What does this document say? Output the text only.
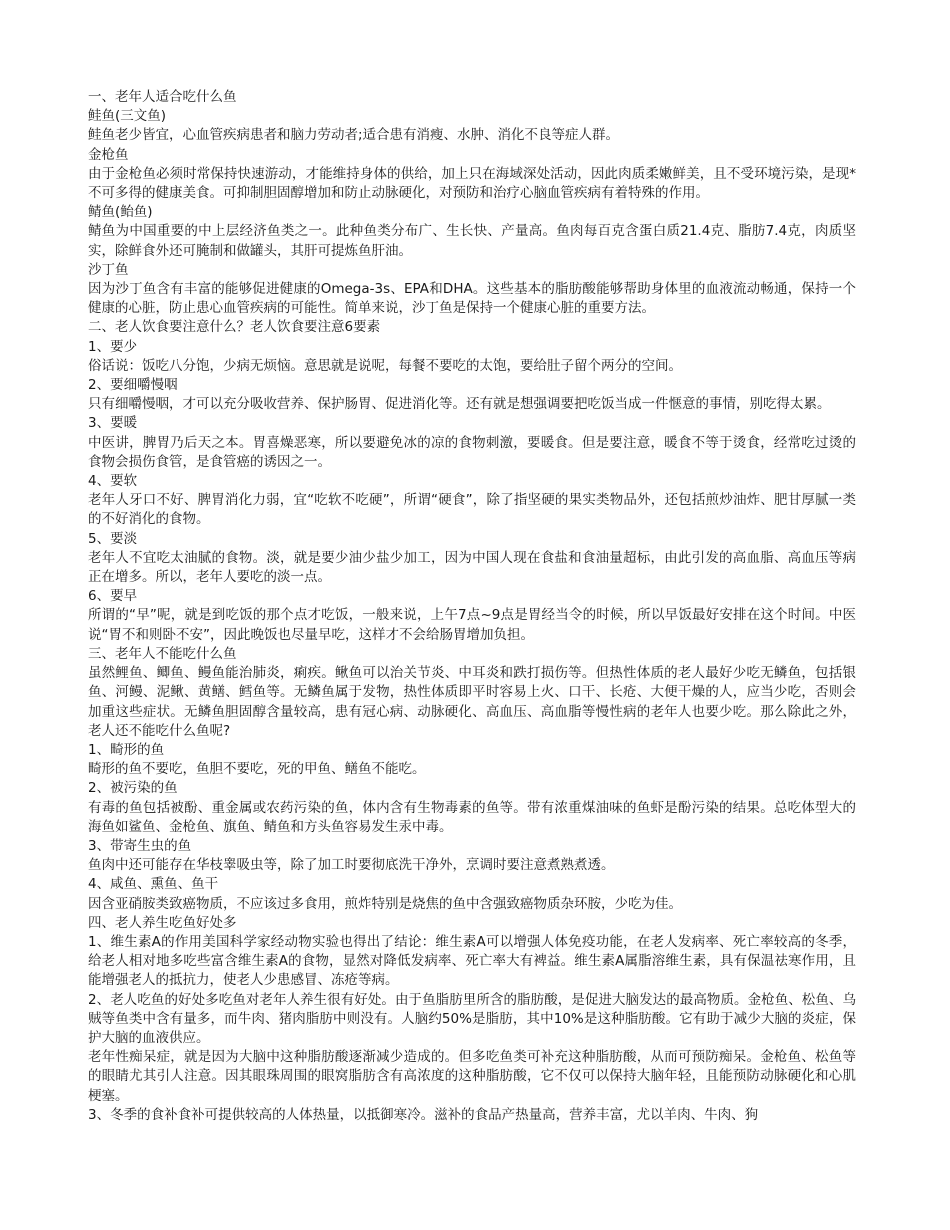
一、老年人适合吃什么鱼

鲑鱼(三文鱼)

鲑鱼老少皆宜，心血管疾病患者和脑力劳动者;适合患有消瘦、水肿、消化不良等症人群。

金枪鱼

由于金枪鱼必须时常保持快速游动，才能维持身体的供给，加上只在海域深处活动，因此肉质柔嫩鲜美，且不受环境污染，是现*不可多得的健康美食。可抑制胆固醇增加和防止动脉硬化，对预防和治疗心脑血管疾病有着特殊的作用。

鲭鱼(鲐鱼)

鲭鱼为中国重要的中上层经济鱼类之一。此种鱼类分布广、生长快、产量高。鱼肉每百克含蛋白质21.4克、脂肪7.4克，肉质坚实，除鲜食外还可腌制和做罐头，其肝可提炼鱼肝油。

沙丁鱼

因为沙丁鱼含有丰富的能够促进健康的Omega-3s、EPA和DHA。这些基本的脂肪酸能够帮助身体里的血液流动畅通，保持一个健康的心脏，防止患心血管疾病的可能性。简单来说，沙丁鱼是保持一个健康心脏的重要方法。

二、老人饮食要注意什么？老人饮食要注意6要素

1、要少

俗话说：饭吃八分饱，少病无烦恼。意思就是说呢，每餐不要吃的太饱，要给肚子留个两分的空间。

2、要细嚼慢咽

只有细嚼慢咽，才可以充分吸收营养、保护肠胃、促进消化等。还有就是想强调要把吃饭当成一件惬意的事情，别吃得太累。

3、要暖

中医讲，脾胃乃后天之本。胃喜燥恶寒，所以要避免冰的凉的食物刺激，要暖食。但是要注意，暖食不等于烫食，经常吃过烫的食物会损伤食管，是食管癌的诱因之一。

4、要软

老年人牙口不好、脾胃消化力弱，宜“吃软不吃硬”，所谓“硬食”，除了指坚硬的果实类物品外，还包括煎炒油炸、肥甘厚腻一类的不好消化的食物。

5、要淡

老年人不宜吃太油腻的食物。淡，就是要少油少盐少加工，因为中国人现在食盐和食油量超标，由此引发的高血脂、高血压等病正在增多。所以，老年人要吃的淡一点。

6、要早

所谓的“早”呢，就是到吃饭的那个点才吃饭，一般来说，上午7点~9点是胃经当令的时候，所以早饭最好安排在这个时间。中医说“胃不和则卧不安”，因此晚饭也尽量早吃，这样才不会给肠胃增加负担。

三、老年人不能吃什么鱼

虽然鲤鱼、鲫鱼、鳗鱼能治肺炎，痢疾。鳅鱼可以治关节炎、中耳炎和跌打损伤等。但热性体质的老人最好少吃无鳞鱼，包括银鱼、河鳗、泥鳅、黄鳝、鳕鱼等。无鳞鱼属于发物，热性体质即平时容易上火、口干、长疮、大便干燥的人，应当少吃，否则会加重这些症状。无鳞鱼胆固醇含量较高，患有冠心病、动脉硬化、高血压、高血脂等慢性病的老年人也要少吃。那么除此之外，老人还不能吃什么鱼呢?

1、畸形的鱼

畸形的鱼不要吃，鱼胆不要吃，死的甲鱼、鳝鱼不能吃。

2、被污染的鱼

有毒的鱼包括被酚、重金属或农药污染的鱼，体内含有生物毒素的鱼等。带有浓重煤油味的鱼虾是酚污染的结果。总吃体型大的海鱼如鲨鱼、金枪鱼、旗鱼、鲭鱼和方头鱼容易发生汞中毒。

3、带寄生虫的鱼

鱼肉中还可能存在华枝睾吸虫等，除了加工时要彻底洗干净外，烹调时要注意煮熟煮透。

4、咸鱼、熏鱼、鱼干

因含亚硝胺类致癌物质，不应该过多食用，煎炸特别是烧焦的鱼中含强致癌物质杂环胺，少吃为佳。

四、老人养生吃鱼好处多

1、维生素A的作用美国科学家经动物实验也得出了结论：维生素A可以增强人体免疫功能，在老人发病率、死亡率较高的冬季，给老人相对地多吃些富含维生素A的食物，显然对降低发病率、死亡率大有裨益。维生素A属脂溶维生素，具有保温祛寒作用，且能增强老人的抵抗力，使老人少患感冒、冻疮等病。

2、老人吃鱼的好处多吃鱼对老年人养生很有好处。由于鱼脂肪里所含的脂肪酸，是促进大脑发达的最高物质。金枪鱼、松鱼、乌贼等鱼类中含有量多，而牛肉、猪肉脂肪中则没有。人脑约50%是脂肪，其中10%是这种脂肪酸。它有助于减少大脑的炎症，保护大脑的血液供应。

老年性痴呆症，就是因为大脑中这种脂肪酸逐渐减少造成的。但多吃鱼类可补充这种脂肪酸，从而可预防痴呆。金枪鱼、松鱼等的眼睛尤其引人注意。因其眼珠周围的眼窝脂肪含有高浓度的这种脂肪酸，它不仅可以保持大脑年轻，且能预防动脉硬化和心肌梗塞。

3、冬季的食补食补可提供较高的人体热量，以抵御寒冷。滋补的食品产热量高，营养丰富，尤以羊肉、牛肉、狗
